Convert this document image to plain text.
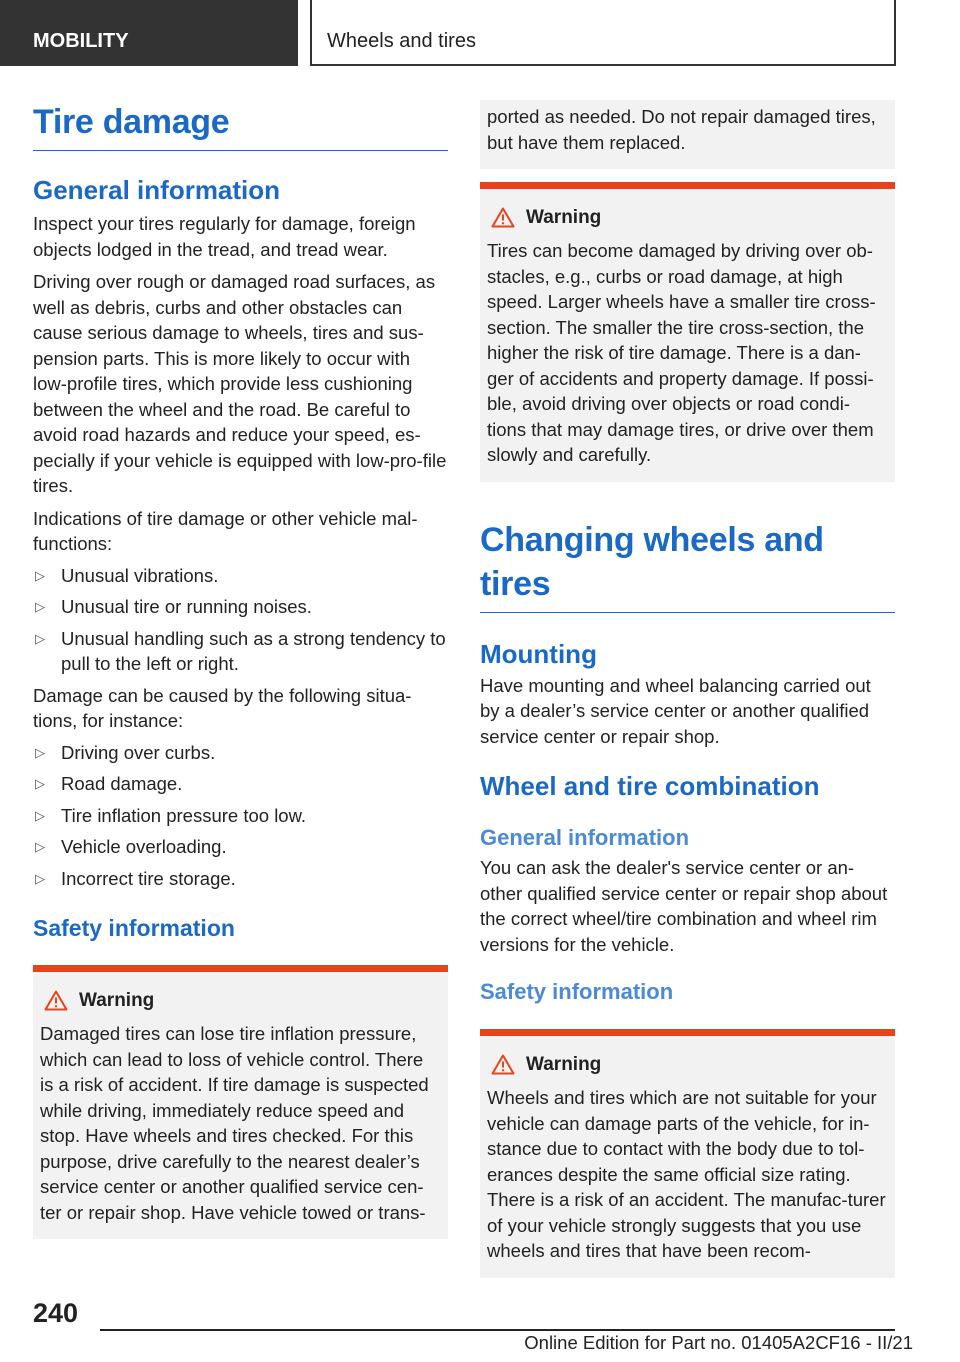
MOBILITY	Wheels and tires
Tire damage
General information

Inspect your tires regularly for damage, foreign objects lodged in the tread, and tread wear.

Driving over rough or damaged road surfaces, as well as debris, curbs and other obstacles can cause serious damage to wheels, tires and sus‐pension parts. This is more likely to occur with low-profile tires, which provide less cushioning between the wheel and the road. Be careful to avoid road hazards and reduce your speed, es‐pecially if your vehicle is equipped with low-pro‐file tires.

Indications of tire damage or other vehicle mal‐functions:

▷ Unusual vibrations.
▷ Unusual tire or running noises.
▷ Unusual handling such as a strong tendency to pull to the left or right.

Damage can be caused by the following situa‐tions, for instance:

▷ Driving over curbs.
▷ Road damage.
▷ Tire inflation pressure too low.
▷ Vehicle overloading.
▷ Incorrect tire storage.
Safety information
Warning

Damaged tires can lose tire inflation pressure, which can lead to loss of vehicle control. There is a risk of accident. If tire damage is suspected while driving, immediately reduce speed and stop. Have wheels and tires checked. For this purpose, drive carefully to the nearest dealer’s service center or another qualified service cen‐ter or repair shop. Have vehicle towed or trans‐

ported as needed. Do not repair damaged tires, but have them replaced.

Warning

Tires can become damaged by driving over ob‐stacles, e.g., curbs or road damage, at high speed. Larger wheels have a smaller tire cross-section. The smaller the tire cross-section, the higher the risk of tire damage. There is a dan‐ger of accidents and property damage. If possi‐ble, avoid driving over objects or road condi‐tions that may damage tires, or drive over them slowly and carefully.

Changing wheels and tires
Mounting

Have mounting and wheel balancing carried out by a dealer’s service center or another qualified service center or repair shop.

Wheel and tire combination
General information

You can ask the dealer's service center or an‐other qualified service center or repair shop about the correct wheel/tire combination and wheel rim versions for the vehicle.

Safety information
Warning

Wheels and tires which are not suitable for your vehicle can damage parts of the vehicle, for in‐stance due to contact with the body due to tol‐erances despite the same official size rating. There is a risk of an accident. The manufac‐turer of your vehicle strongly suggests that you use wheels and tires that have been recom‐

240
Online Edition for Part no. 01405A2CF16 - II/21
